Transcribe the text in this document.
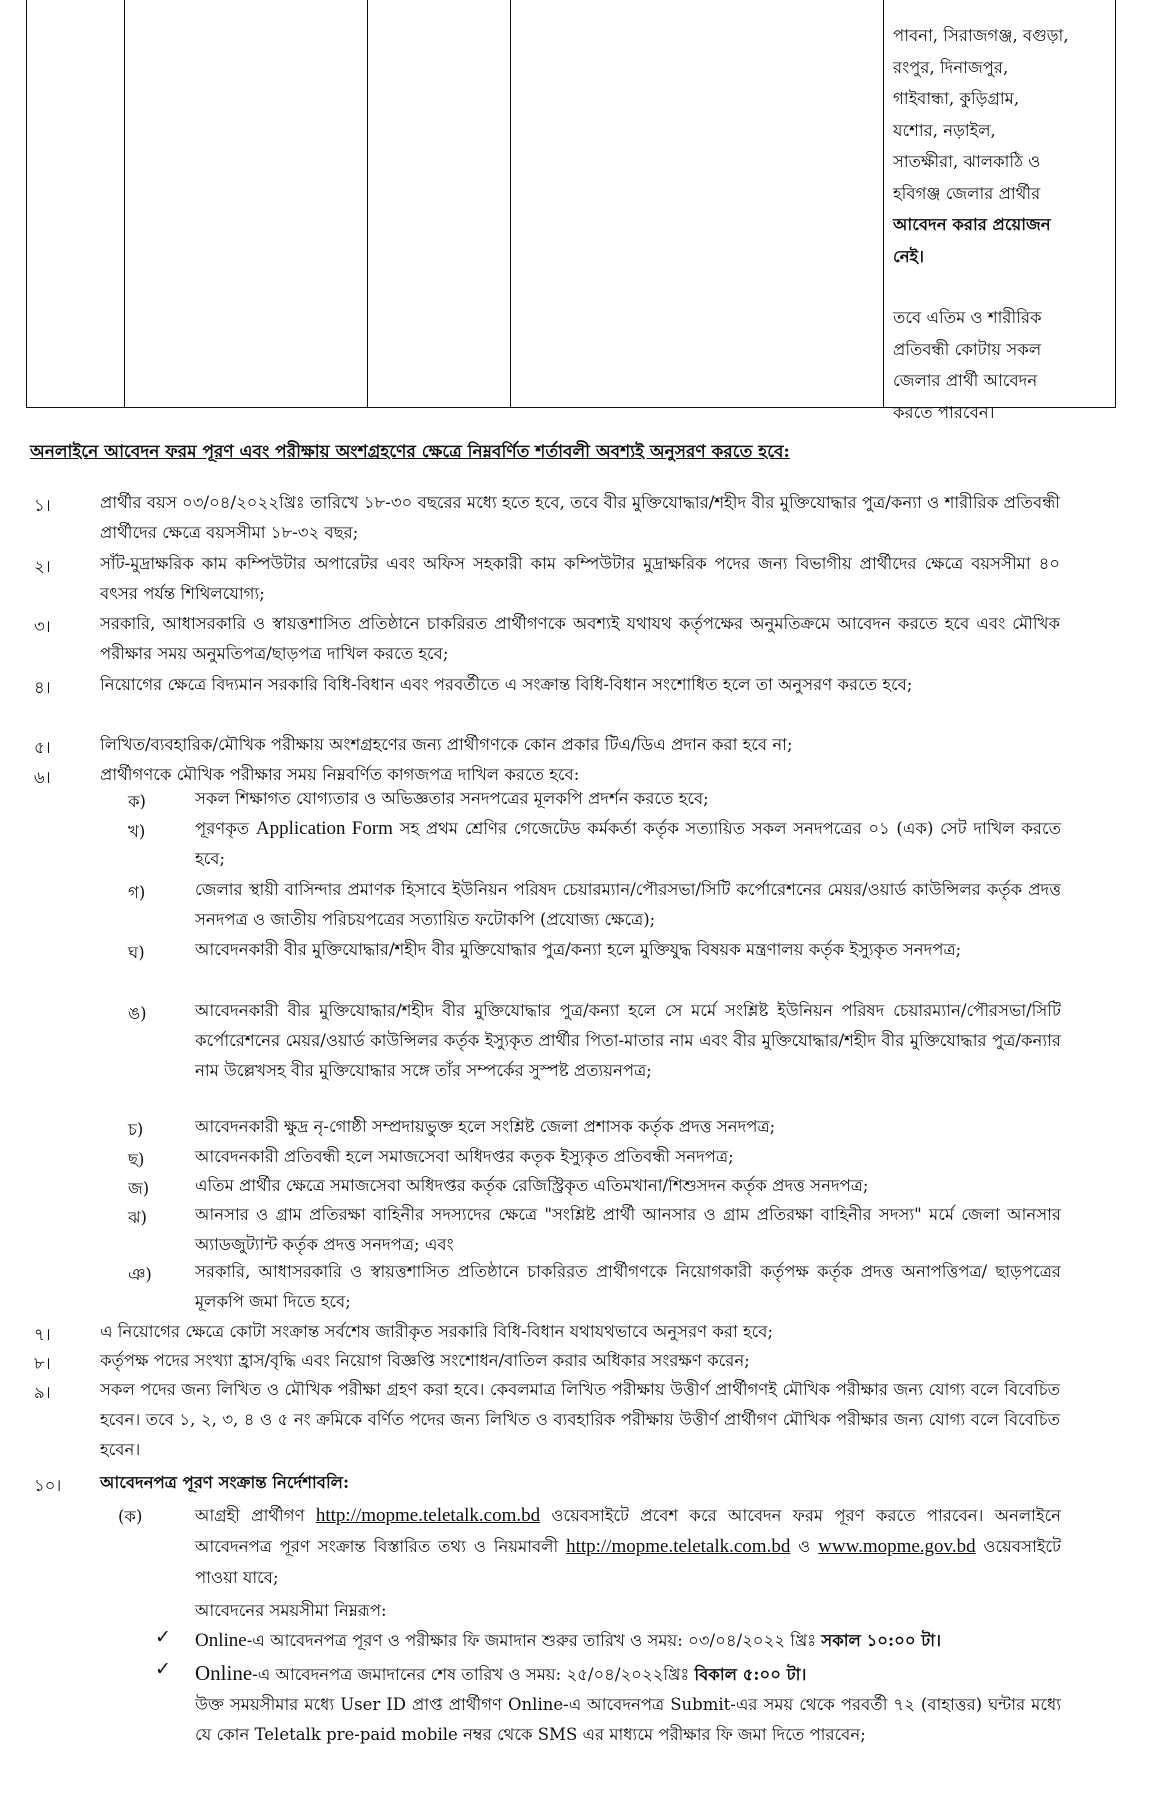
পাবনা, সিরাজগঞ্জ, বগুড়া,
রংপুর, দিনাজপুর,
গাইবান্ধা, কুড়িগ্রাম,
যশোর, নড়াইল,
সাতক্ষীরা, ঝালকাঠি ও
হবিগঞ্জ জেলার প্রার্থীর
আবেদন করার প্রয়োজন
নেই।
তবে এতিম ও শারীরিক
প্রতিবন্ধী কোটায় সকল
জেলার প্রার্থী আবেদন
করতে পারবেন।
অনলাইনে আবেদন ফরম পূরণ এবং পরীক্ষায় অংশগ্রহণের ক্ষেত্রে নিম্নবর্ণিত শর্তাবলী অবশ্যই অনুসরণ করতে হবে:
১।	প্রার্থীর বয়স ০৩/০৪/২০২২খ্রিঃ তারিখে ১৮-৩০ বছরের মধ্যে হতে হবে, তবে বীর মুক্তিযোদ্ধার/শহীদ বীর মুক্তিযোদ্ধার পুত্র/কন্যা ও শারীরিক প্রতিবন্ধী প্রার্থীদের ক্ষেত্রে বয়সসীমা ১৮-৩২ বছর;
২।	সাঁট-মুদ্রাক্ষরিক কাম কম্পিউটার অপারেটর এবং অফিস সহকারী কাম কম্পিউটার মুদ্রাক্ষরিক পদের জন্য বিভাগীয় প্রার্থীদের ক্ষেত্রে বয়সসীমা ৪০ বৎসর পর্যন্ত শিথিলযোগ্য;
৩।	সরকারি, আধাসরকারি ও স্বায়ত্তশাসিত প্রতিষ্ঠানে চাকরিরত প্রার্থীগণকে অবশ্যই যথাযথ কর্তৃপক্ষের অনুমতিক্রমে আবেদন করতে হবে এবং মৌখিক পরীক্ষার সময় অনুমতিপত্র/ছাড়পত্র দাখিল করতে হবে;
৪।	নিয়োগের ক্ষেত্রে বিদ্যমান সরকারি বিধি-বিধান এবং পরবর্তীতে এ সংক্রান্ত বিধি-বিধান সংশোধিত হলে তা অনুসরণ করতে হবে;
৫।	লিখিত/ব্যবহারিক/মৌখিক পরীক্ষায় অংশগ্রহণের জন্য প্রার্থীগণকে কোন প্রকার টিএ/ডিএ প্রদান করা হবে না;
৬।	প্রার্থীগণকে মৌখিক পরীক্ষার সময় নিম্নবর্ণিত কাগজপত্র দাখিল করতে হবে:
ক)	সকল শিক্ষাগত যোগ্যতার ও অভিজ্ঞতার সনদপত্রের মূলকপি প্রদর্শন করতে হবে;
খ)	পূরণকৃত Application Form সহ প্রথম শ্রেণির গেজেটেড কর্মকর্তা কর্তৃক সত্যায়িত সকল সনদপত্রের ০১ (এক) সেট দাখিল করতে হবে;
গ)	জেলার স্থায়ী বাসিন্দার প্রমাণক হিসাবে ইউনিয়ন পরিষদ চেয়ারম্যান/পৌরসভা/সিটি কর্পোরেশনের মেয়র/ওয়ার্ড কাউন্সিলর কর্তৃক প্রদত্ত সনদপত্র ও জাতীয় পরিচয়পত্রের সত্যায়িত ফটোকপি (প্রযোজ্য ক্ষেত্রে);
ঘ)	আবেদনকারী বীর মুক্তিযোদ্ধার/শহীদ বীর মুক্তিযোদ্ধার পুত্র/কন্যা হলে মুক্তিযুদ্ধ বিষয়ক মন্ত্রণালয় কর্তৃক ইস্যুকৃত সনদপত্র;
ঙ)	আবেদনকারী বীর মুক্তিযোদ্ধার/শহীদ বীর মুক্তিযোদ্ধার পুত্র/কন্যা হলে সে মর্মে সংশ্লিষ্ট ইউনিয়ন পরিষদ চেয়ারম্যান/পৌরসভা/সিটি কর্পোরেশনের মেয়র/ওয়ার্ড কাউন্সিলর কর্তৃক ইস্যুকৃত প্রার্থীর পিতা-মাতার নাম এবং বীর মুক্তিযোদ্ধার/শহীদ বীর মুক্তিযোদ্ধার পুত্র/কন্যার নাম উল্লেখসহ বীর মুক্তিযোদ্ধার সঙ্গে তাঁর সম্পর্কের সুস্পষ্ট প্রত্যয়নপত্র;
চ)	আবেদনকারী ক্ষুদ্র নৃ-গোষ্ঠী সম্প্রদায়ভুক্ত হলে সংশ্লিষ্ট জেলা প্রশাসক কর্তৃক প্রদত্ত সনদপত্র;
ছ)	আবেদনকারী প্রতিবন্ধী হলে সমাজসেবা অধিদপ্তর কতৃক ইস্যুকৃত প্রতিবন্ধী সনদপত্র;
জ)	এতিম প্রার্থীর ক্ষেত্রে সমাজসেবা অধিদপ্তর কর্তৃক রেজিস্ট্রিকৃত এতিমখানা/শিশুসদন কর্তৃক প্রদত্ত সনদপত্র;
ঝ)	আনসার ও গ্রাম প্রতিরক্ষা বাহিনীর সদস্যদের ক্ষেত্রে "সংশ্লিষ্ট প্রার্থী আনসার ও গ্রাম প্রতিরক্ষা বাহিনীর সদস্য" মর্মে জেলা আনসার অ্যাডজুট্যান্ট কর্তৃক প্রদত্ত সনদপত্র; এবং
ঞ)	সরকারি, আধাসরকারি ও স্বায়ত্তশাসিত প্রতিষ্ঠানে চাকরিরত প্রার্থীগণকে নিয়োগকারী কর্তৃপক্ষ কর্তৃক প্রদত্ত অনাপত্তিপত্র/ ছাড়পত্রের মূলকপি জমা দিতে হবে;
৭।	এ নিয়োগের ক্ষেত্রে কোটা সংক্রান্ত সর্বশেষ জারীকৃত সরকারি বিধি-বিধান যথাযথভাবে অনুসরণ করা হবে;
৮।	কর্তৃপক্ষ পদের সংখ্যা হ্রাস/বৃদ্ধি এবং নিয়োগ বিজ্ঞপ্তি সংশোধন/বাতিল করার অধিকার সংরক্ষণ করেন;
৯।	সকল পদের জন্য লিখিত ও মৌখিক পরীক্ষা গ্রহণ করা হবে। কেবলমাত্র লিখিত পরীক্ষায় উত্তীর্ণ প্রার্থীগণই মৌখিক পরীক্ষার জন্য যোগ্য বলে বিবেচিত হবেন। তবে ১, ২, ৩, ৪ ও ৫ নং ক্রমিকে বর্ণিত পদের জন্য লিখিত ও ব্যবহারিক পরীক্ষায় উত্তীর্ণ প্রার্থীগণ মৌখিক পরীক্ষার জন্য যোগ্য বলে বিবেচিত হবেন।
১০। আবেদনপত্র পূরণ সংক্রান্ত নির্দেশাবলি:
(ক)	আগ্রহী প্রার্থীগণ http://mopme.teletalk.com.bd ওয়েবসাইটে প্রবেশ করে আবেদন ফরম পূরণ করতে পারবেন। অনলাইনে আবেদনপত্র পূরণ সংক্রান্ত বিস্তারিত তথ্য ও নিয়মাবলী http://mopme.teletalk.com.bd ও www.mopme.gov.bd ওয়েবসাইটে পাওয়া যাবে;
আবেদনের সময়সীমা নিম্নরূপ:
✓ Online-এ আবেদনপত্র পূরণ ও পরীক্ষার ফি জমাদান শুরুর তারিখ ও সময়: ০৩/০৪/২০২২ খ্রিঃ সকাল ১০:০০ টা।
✓ Online-এ আবেদনপত্র জমাদানের শেষ তারিখ ও সময়: ২৫/০৪/২০২২খ্রিঃ বিকাল ৫:০০ টা।
উক্ত সময়সীমার মধ্যে User ID প্রাপ্ত প্রার্থীগণ Online-এ আবেদনপত্র Submit-এর সময় থেকে পরবর্তী ৭২ (বাহাত্তর) ঘন্টার মধ্যে যে কোন Teletalk pre-paid mobile নম্বর থেকে SMS এর মাধ্যমে পরীক্ষার ফি জমা দিতে পারবেন;
